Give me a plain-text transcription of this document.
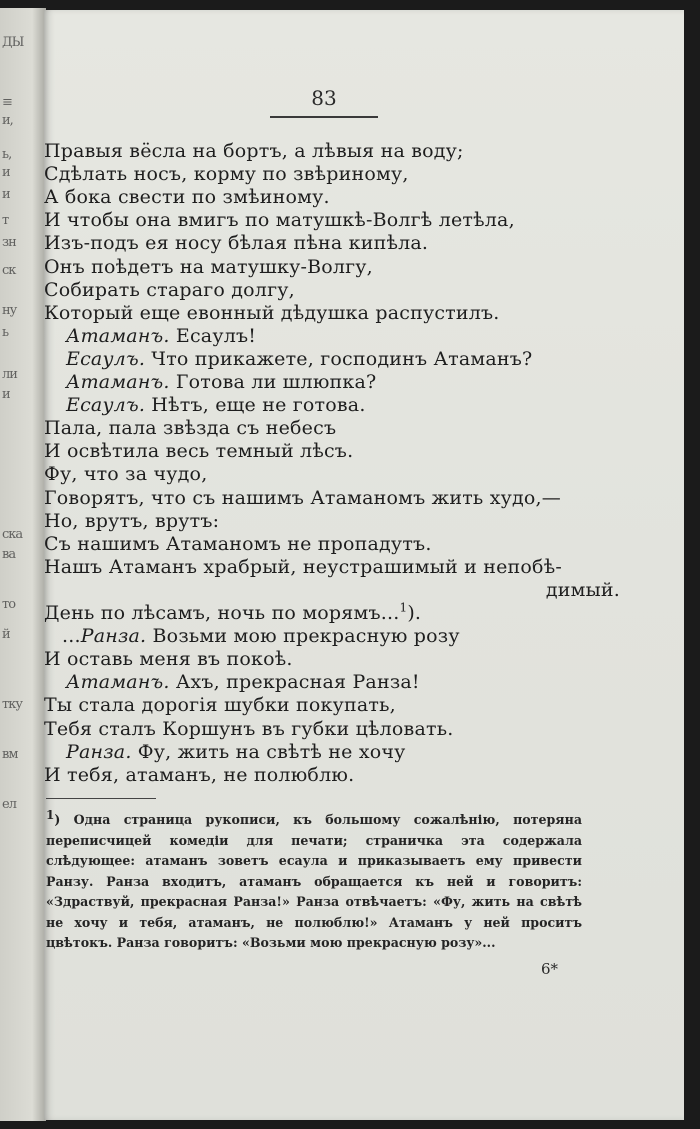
ДЫ
≡
и,
ь,
и
и
т
зн
ск
ну
ь
ли
и
ска
ва
то
й
тку
вм
ел
83
Правыя вёсла на бортъ, а лѣвыя на воду;
Сдѣлать носъ, корму по звѣриному,
А бока свести по змѣиному.
И чтобы она вмигъ по матушкѣ-Волгѣ летѣла,
Изъ-подъ ея носу бѣлая пѣна кипѣла.
Онъ поѣдетъ на матушку-Волгу,
Собирать стараго долгу,
Который еще евонный дѣдушка распустилъ.
Атаманъ. Есаулъ!
Есаулъ. Что прикажете, господинъ Атаманъ?
Атаманъ. Готова ли шлюпка?
Есаулъ. Нѣтъ, еще не готова.
Пала, пала звѣзда съ небесъ
И освѣтила весь темный лѣсъ.
Фу, что за чудо,
Говорятъ, что съ нашимъ Атаманомъ жить худо,—
Но, врутъ, врутъ:
Съ нашимъ Атаманомъ не пропадутъ.
Нашъ Атаманъ храбрый, неустрашимый и непобѣ-
димый.
День по лѣсамъ, ночь по морямъ...$^1$).
...Ранза. Возьми мою прекрасную розу
И оставь меня въ покоѣ.
Атаманъ. Ахъ, прекрасная Ранза!
Ты стала дорогія шубки покупать,
Тебя сталъ Коршунъ въ губки цѣловать.
Ранза. Фу, жить на свѣтѣ не хочу
И тебя, атаманъ, не полюблю.
1) Одна страница рукописи, къ большому сожалѣнію, потеряна переписчицей комедіи для печати; страничка эта содержала слѣдующее: атаманъ зоветъ есаула и приказываетъ ему привести Ранзу. Ранза входитъ, атаманъ обращается къ ней и говоритъ: «Здраствуй, прекрасная Ранза!» Ранза отвѣчаетъ: «Фу, жить на свѣтѣ не хочу и тебя, атаманъ, не полюблю!» Атаманъ у ней проситъ цвѣтокъ. Ранза говоритъ: «Возьми мою прекрасную розу»...
6*
